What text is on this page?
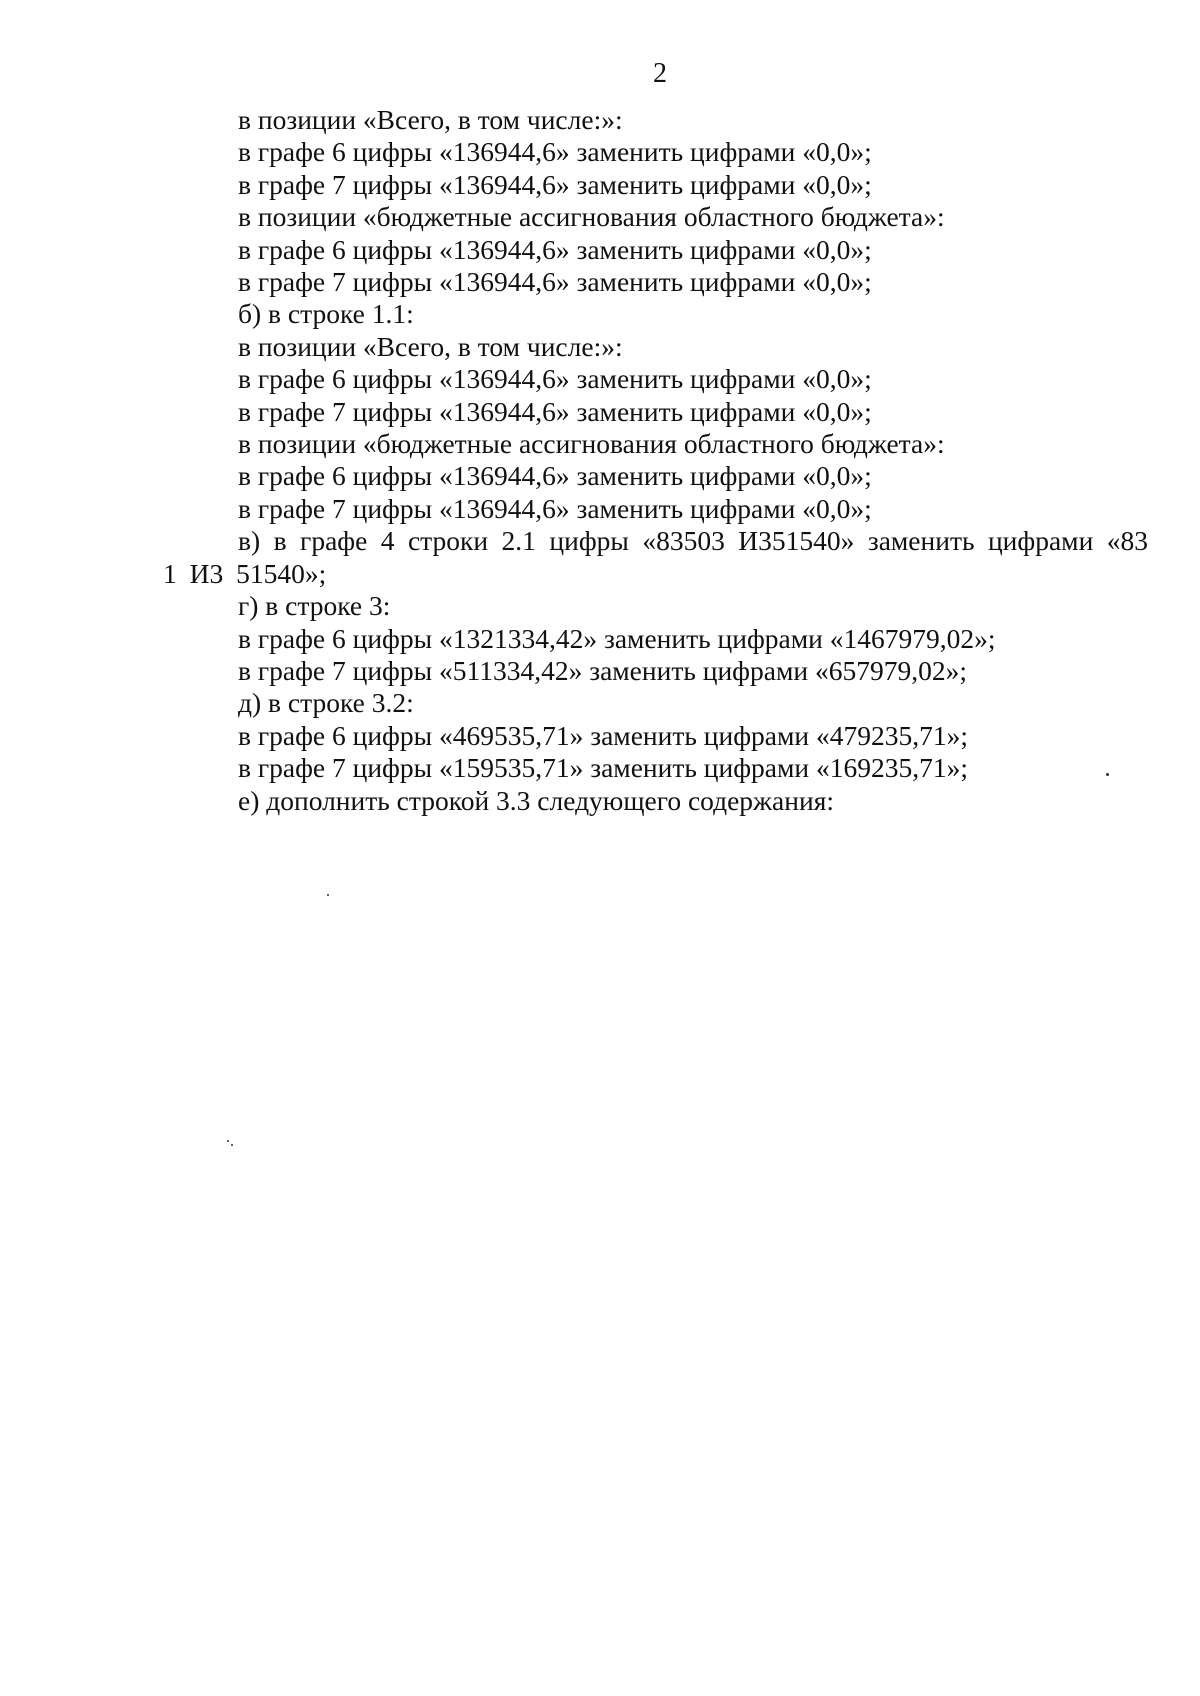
2

в позиции «Всего, в том числе:»:

в графе 6 цифры «136944,6» заменить цифрами «0,0»;

в графе 7 цифры «136944,6» заменить цифрами «0,0»;

в позиции «бюджетные ассигнования областного бюджета»:

в графе 6 цифры «136944,6» заменить цифрами «0,0»;

в графе 7 цифры «136944,6» заменить цифрами «0,0»;

б) в строке 1.1:

в позиции «Всего, в том числе:»:

в графе 6 цифры «136944,6» заменить цифрами «0,0»;

в графе 7 цифры «136944,6» заменить цифрами «0,0»;

в позиции «бюджетные ассигнования областного бюджета»:

в графе 6 цифры «136944,6» заменить цифрами «0,0»;

в графе 7 цифры «136944,6» заменить цифрами «0,0»;

в) в графе 4 строки 2.1 цифры «83503 И351540» заменить цифрами «83 1 И3 51540»;

г) в строке 3:

в графе 6 цифры «1321334,42» заменить цифрами «1467979,02»;

в графе 7 цифры «511334,42» заменить цифрами «657979,02»;

д) в строке 3.2:

в графе 6 цифры «469535,71» заменить цифрами «479235,71»;

в графе 7 цифры «159535,71» заменить цифрами «169235,71»;

е) дополнить строкой 3.3 следующего содержания:
